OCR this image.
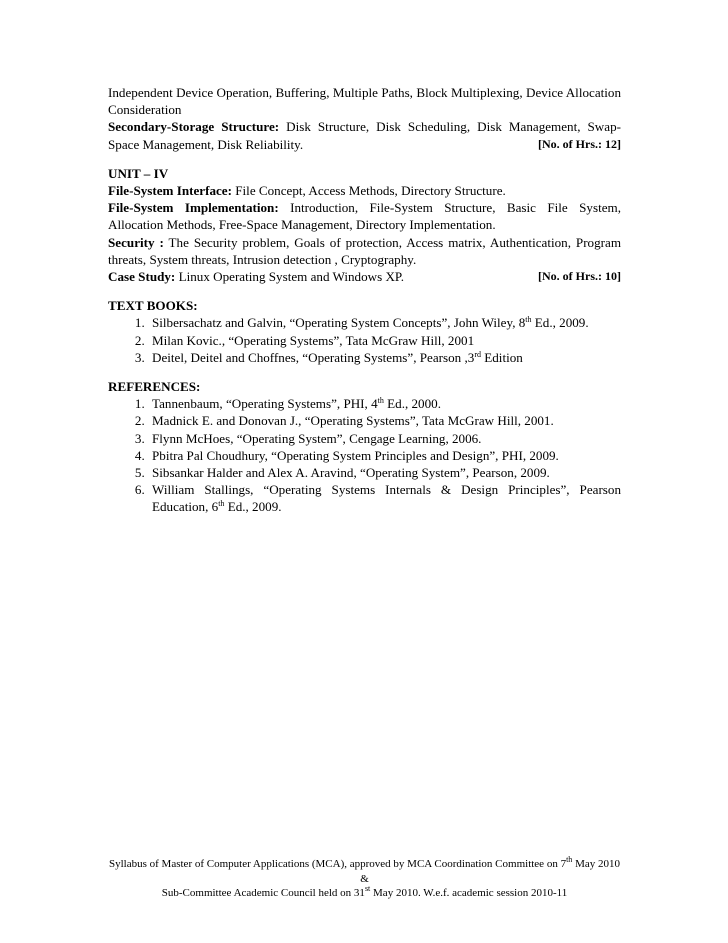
Independent Device Operation, Buffering, Multiple Paths, Block Multiplexing, Device Allocation Consideration

Secondary-Storage Structure: Disk Structure, Disk Scheduling, Disk Management, Swap-Space Management, Disk Reliability.	[No. of Hrs.: 12]

UNIT – IV

File-System Interface: File Concept, Access Methods, Directory Structure.

File-System Implementation: Introduction, File-System Structure, Basic File System, Allocation Methods, Free-Space Management, Directory Implementation.

Security : The Security problem, Goals of protection, Access matrix, Authentication, Program threats, System threats, Intrusion detection , Cryptography.

Case Study: Linux Operating System and Windows XP.	[No. of Hrs.: 10]

TEXT BOOKS:

1. Silbersachatz and Galvin, “Operating System Concepts”, John Wiley, 8th Ed., 2009.
2. Milan Kovic., “Operating Systems”, Tata McGraw Hill, 2001
3. Deitel, Deitel and Choffnes, “Operating Systems”, Pearson ,3rd Edition

REFERENCES:

1. Tannenbaum, “Operating Systems”, PHI, 4th Ed., 2000.
2. Madnick E. and Donovan J., “Operating Systems”, Tata McGraw Hill, 2001.
3. Flynn McHoes, “Operating System”, Cengage Learning, 2006.
4. Pbitra Pal Choudhury, “Operating System Principles and Design”, PHI, 2009.
5. Sibsankar Halder and Alex A. Aravind, “Operating System”, Pearson, 2009.
6. William Stallings, “Operating Systems Internals & Design Principles”, Pearson Education, 6th Ed., 2009.
Syllabus of Master of Computer Applications (MCA), approved by MCA Coordination Committee on 7th May 2010 &
Sub-Committee Academic Council held on 31st May 2010. W.e.f. academic session 2010-11
